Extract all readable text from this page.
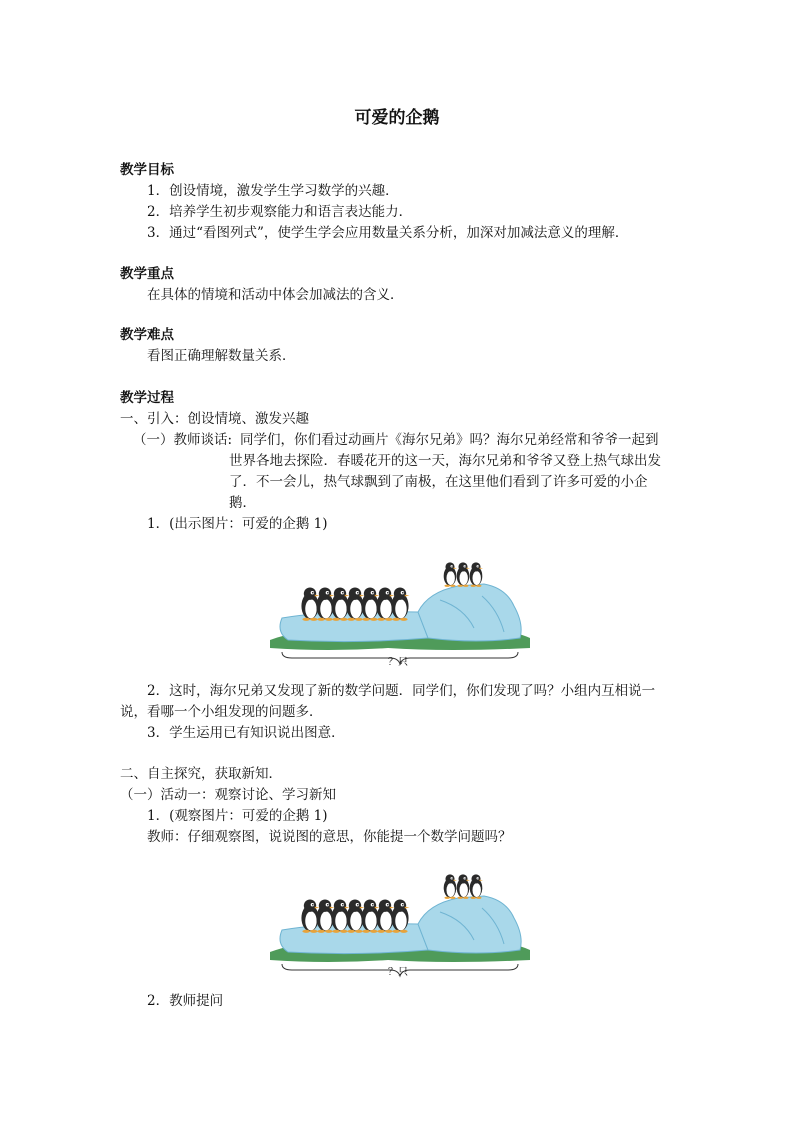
可爱的企鹅
教学目标
1．创设情境，激发学生学习数学的兴趣．
2．培养学生初步观察能力和语言表达能力．
3．通过“看图列式”，使学生学会应用数量关系分析，加深对加减法意义的理解．
教学重点
在具体的情境和活动中体会加减法的含义．
教学难点
看图正确理解数量关系．
教学过程
一、引入：创设情境、激发兴趣
（一）教师谈话: 同学们，你们看过动画片《海尔兄弟》吗？海尔兄弟经常和爷爷一起到
世界各地去探险．春暖花开的这一天，海尔兄弟和爷爷又登上热气球出发
了．不一会儿，热气球飘到了南极，在这里他们看到了许多可爱的小企
鹅．
1．(出示图片：可爱的企鹅 1)
？只
2．这时，海尔兄弟又发现了新的数学问题．同学们，你们发现了吗？小组内互相说一
说，看哪一个小组发现的问题多．
3．学生运用已有知识说出图意．
二、自主探究，获取新知．
（一）活动一：观察讨论、学习新知
1．(观察图片：可爱的企鹅 1)
教师：仔细观察图，说说图的意思，你能提一个数学问题吗？
？只
2．教师提问
